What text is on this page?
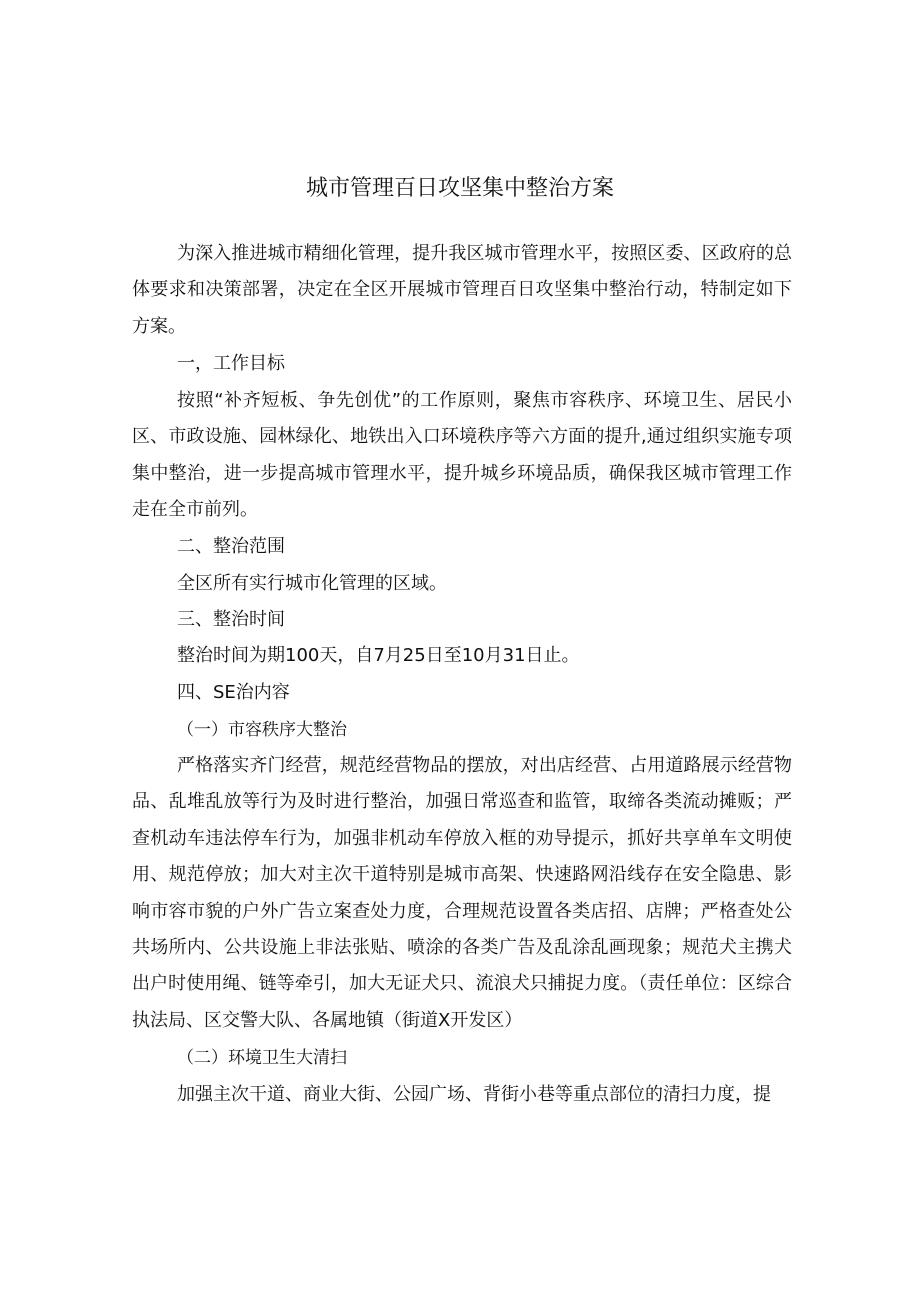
城市管理百日攻坚集中整治方案

为深入推进城市精细化管理，提升我区城市管理水平，按照区委、区政府的总体要求和决策部署，决定在全区开展城市管理百日攻坚集中整治行动，特制定如下方案。

一，工作目标

按照“补齐短板、争先创优”的工作原则，聚焦市容秩序、环境卫生、居民小区、市政设施、园林绿化、地铁出入口环境秩序等六方面的提升,通过组织实施专项集中整治，进一步提高城市管理水平，提升城乡环境品质，确保我区城市管理工作走在全市前列。

二、整治范围

全区所有实行城市化管理的区域。

三、整治时间

整治时间为期100天，自7月25日至10月31日止。

四、SE治内容

（一）市容秩序大整治

严格落实齐门经营，规范经营物品的摆放，对出店经营、占用道路展示经营物品、乱堆乱放等行为及时进行整治，加强日常巡查和监管，取缔各类流动摊贩；严查机动车违法停车行为，加强非机动车停放入框的劝导提示，抓好共享单车文明使用、规范停放；加大对主次干道特别是城市高架、快速路网沿线存在安全隐患、影响市容市貌的户外广告立案查处力度，合理规范设置各类店招、店牌；严格查处公共场所内、公共设施上非法张贴、喷涂的各类广告及乱涂乱画现象；规范犬主携犬出户时使用绳、链等牵引，加大无证犬只、流浪犬只捕捉力度。（责任单位：区综合执法局、区交警大队、各属地镇（街道X开发区）

（二）环境卫生大清扫

加强主次干道、商业大街、公园广场、背街小巷等重点部位的清扫力度，提
